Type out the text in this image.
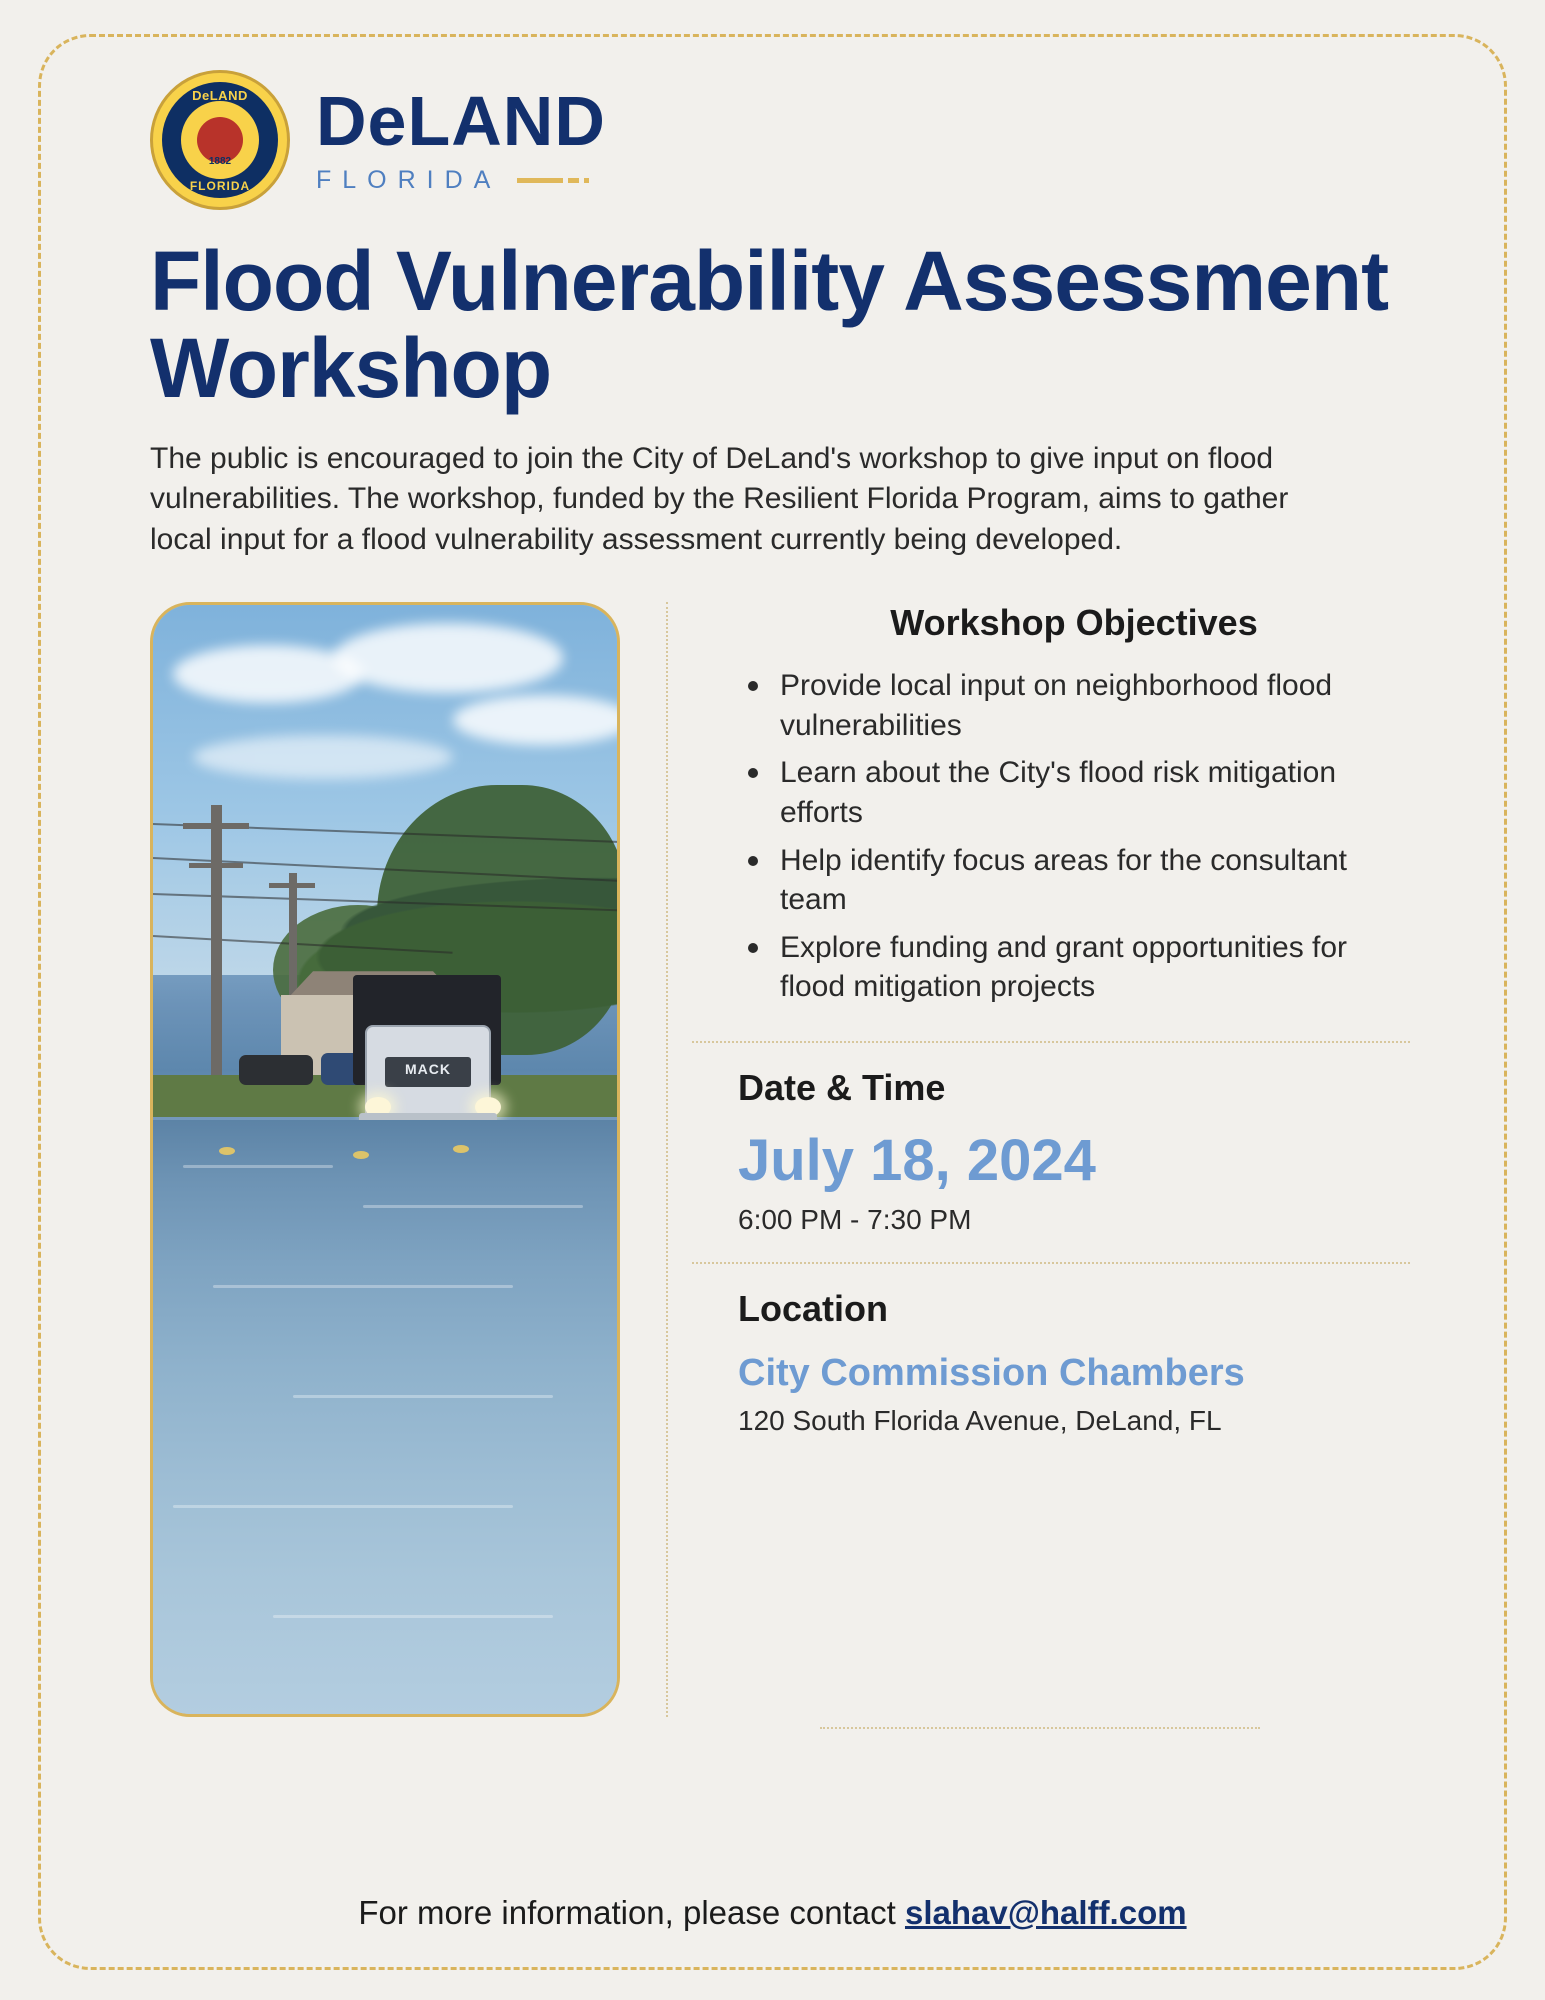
DeLAND
1882
FLORIDA
DeLAND
FLORIDA
Flood Vulnerability Assessment Workshop

The public is encouraged to join the City of DeLand's workshop to give input on flood vulnerabilities. The workshop, funded by the Resilient Florida Program, aims to gather local input for a flood vulnerability assessment currently being developed.

MACK
Workshop Objectives
Provide local input on neighborhood flood vulnerabilities
Learn about the City's flood risk mitigation efforts
Help identify focus areas for the consultant team
Explore funding and grant opportunities for flood mitigation projects
Date & Time
July 18, 2024
6:00 PM - 7:30 PM
Location
City Commission Chambers
120 South Florida Avenue, DeLand, FL
For more information, please contact slahav@halff.com
